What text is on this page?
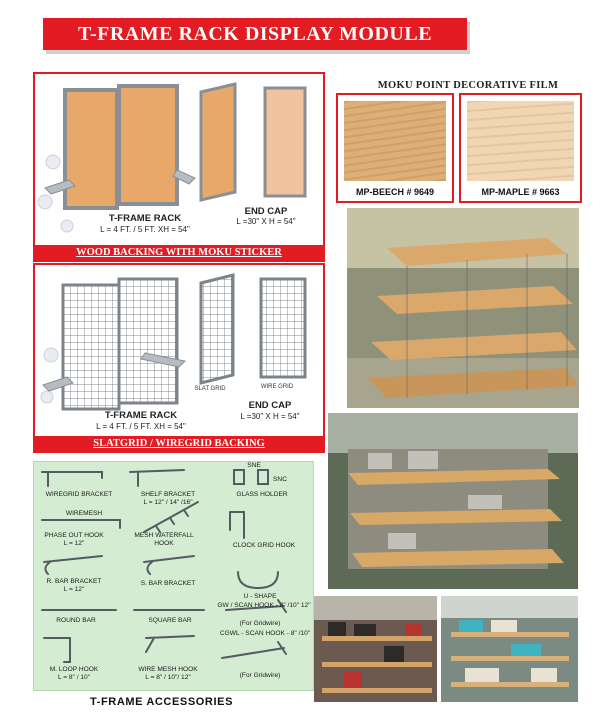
T-FRAME RACK DISPLAY MODULE
T-FRAME RACK
L = 4 FT. / 5 FT. XH = 54"
END CAP
L =30" X H = 54"
WOOD BACKING WITH MOKU STICKER
SLAT GRID	WIRE GRID
T-FRAME RACK
L = 4 FT. / 5 FT. XH = 54"
END CAP
L =30" X H = 54"
SLATGRID / WIREGRID BACKING
MOKU POINT DECORATIVE FILM
MP-BEECH # 9649	MP-MAPLE # 9663
WIREGRID BRACKET	SHELF BRACKET
L = 12" / 14" /16"
SNE
SNC
GLASS HOLDER
WIREMESH
PHASE OUT HOOK
L = 12"
MESH WATERFALL
HOOK	CLOCK GRID HOOK
R. BAR BRACKET
L = 12"
S. BAR BRACKET
U - SHAPE
ROUND BAR	SQUARE BAR
GW / SCAN HOOK - 8" /10" 12"
(For Gridwire)
M. LOOP HOOK
L = 8" / 10"
WIRE MESH HOOK
L = 8" / 10"/ 12"
CGWL - SCAN HOOK - 8" /10"
(For Gridwire)
T-FRAME ACCESSORIES
